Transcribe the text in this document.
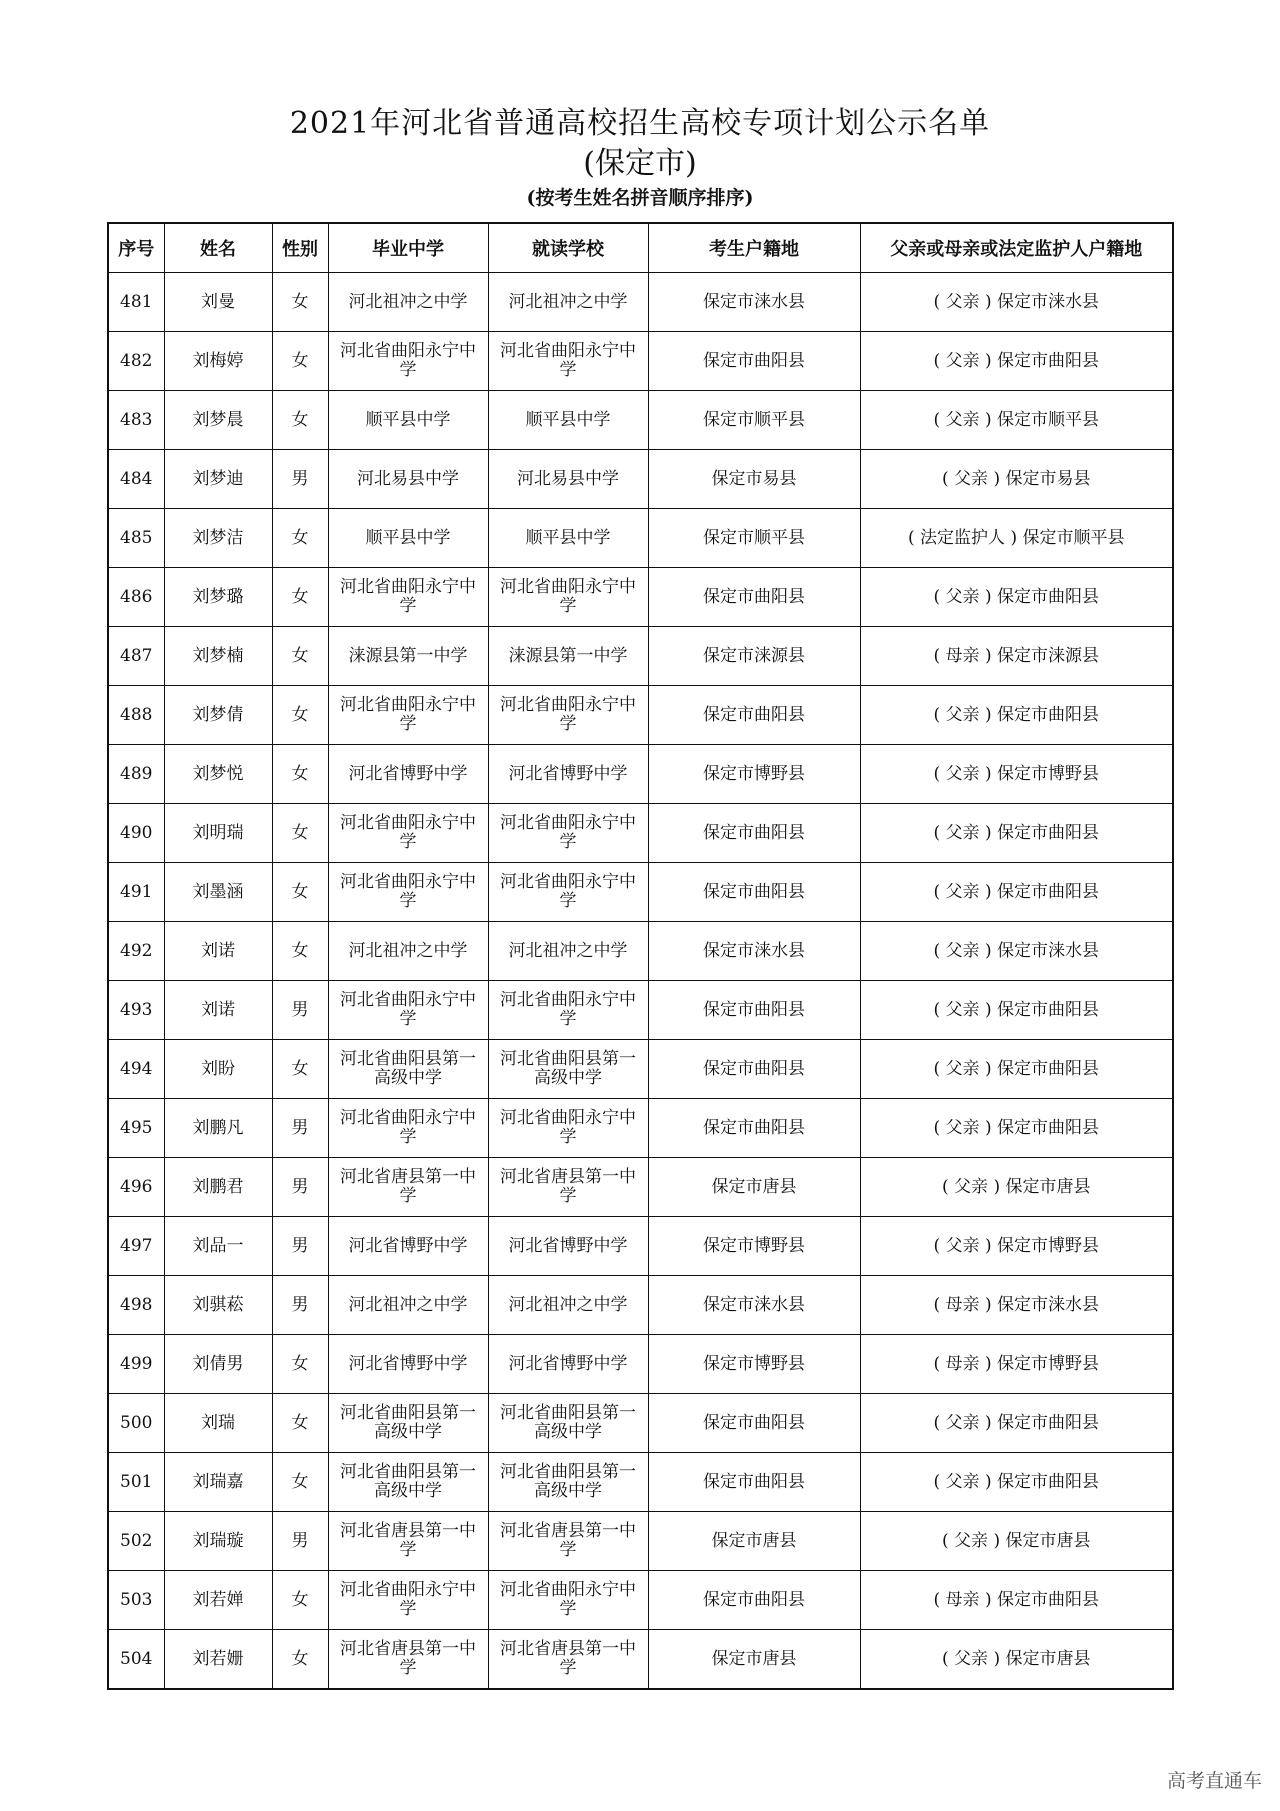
2021年河北省普通高校招生高校专项计划公示名单
(保定市)
(按考生姓名拼音顺序排序)
序号	姓名	性别	毕业中学	就读学校	考生户籍地	父亲或母亲或法定监护人户籍地
481	刘曼	女	河北祖冲之中学	河北祖冲之中学	保定市涞水县	( 父亲 ) 保定市涞水县
482	刘梅婷	女	河北省曲阳永宁中学	河北省曲阳永宁中学	保定市曲阳县	( 父亲 ) 保定市曲阳县
483	刘梦晨	女	顺平县中学	顺平县中学	保定市顺平县	( 父亲 ) 保定市顺平县
484	刘梦迪	男	河北易县中学	河北易县中学	保定市易县	( 父亲 ) 保定市易县
485	刘梦洁	女	顺平县中学	顺平县中学	保定市顺平县	( 法定监护人 ) 保定市顺平县
486	刘梦璐	女	河北省曲阳永宁中学	河北省曲阳永宁中学	保定市曲阳县	( 父亲 ) 保定市曲阳县
487	刘梦楠	女	涞源县第一中学	涞源县第一中学	保定市涞源县	( 母亲 ) 保定市涞源县
488	刘梦倩	女	河北省曲阳永宁中学	河北省曲阳永宁中学	保定市曲阳县	( 父亲 ) 保定市曲阳县
489	刘梦悦	女	河北省博野中学	河北省博野中学	保定市博野县	( 父亲 ) 保定市博野县
490	刘明瑞	女	河北省曲阳永宁中学	河北省曲阳永宁中学	保定市曲阳县	( 父亲 ) 保定市曲阳县
491	刘墨涵	女	河北省曲阳永宁中学	河北省曲阳永宁中学	保定市曲阳县	( 父亲 ) 保定市曲阳县
492	刘诺	女	河北祖冲之中学	河北祖冲之中学	保定市涞水县	( 父亲 ) 保定市涞水县
493	刘诺	男	河北省曲阳永宁中学	河北省曲阳永宁中学	保定市曲阳县	( 父亲 ) 保定市曲阳县
494	刘盼	女	河北省曲阳县第一高级中学	河北省曲阳县第一高级中学	保定市曲阳县	( 父亲 ) 保定市曲阳县
495	刘鹏凡	男	河北省曲阳永宁中学	河北省曲阳永宁中学	保定市曲阳县	( 父亲 ) 保定市曲阳县
496	刘鹏君	男	河北省唐县第一中学	河北省唐县第一中学	保定市唐县	( 父亲 ) 保定市唐县
497	刘品一	男	河北省博野中学	河北省博野中学	保定市博野县	( 父亲 ) 保定市博野县
498	刘骐菘	男	河北祖冲之中学	河北祖冲之中学	保定市涞水县	( 母亲 ) 保定市涞水县
499	刘倩男	女	河北省博野中学	河北省博野中学	保定市博野县	( 母亲 ) 保定市博野县
500	刘瑞	女	河北省曲阳县第一高级中学	河北省曲阳县第一高级中学	保定市曲阳县	( 父亲 ) 保定市曲阳县
501	刘瑞嘉	女	河北省曲阳县第一高级中学	河北省曲阳县第一高级中学	保定市曲阳县	( 父亲 ) 保定市曲阳县
502	刘瑞璇	男	河北省唐县第一中学	河北省唐县第一中学	保定市唐县	( 父亲 ) 保定市唐县
503	刘若婵	女	河北省曲阳永宁中学	河北省曲阳永宁中学	保定市曲阳县	( 母亲 ) 保定市曲阳县
504	刘若姗	女	河北省唐县第一中学	河北省唐县第一中学	保定市唐县	( 父亲 ) 保定市唐县
高考直通车
